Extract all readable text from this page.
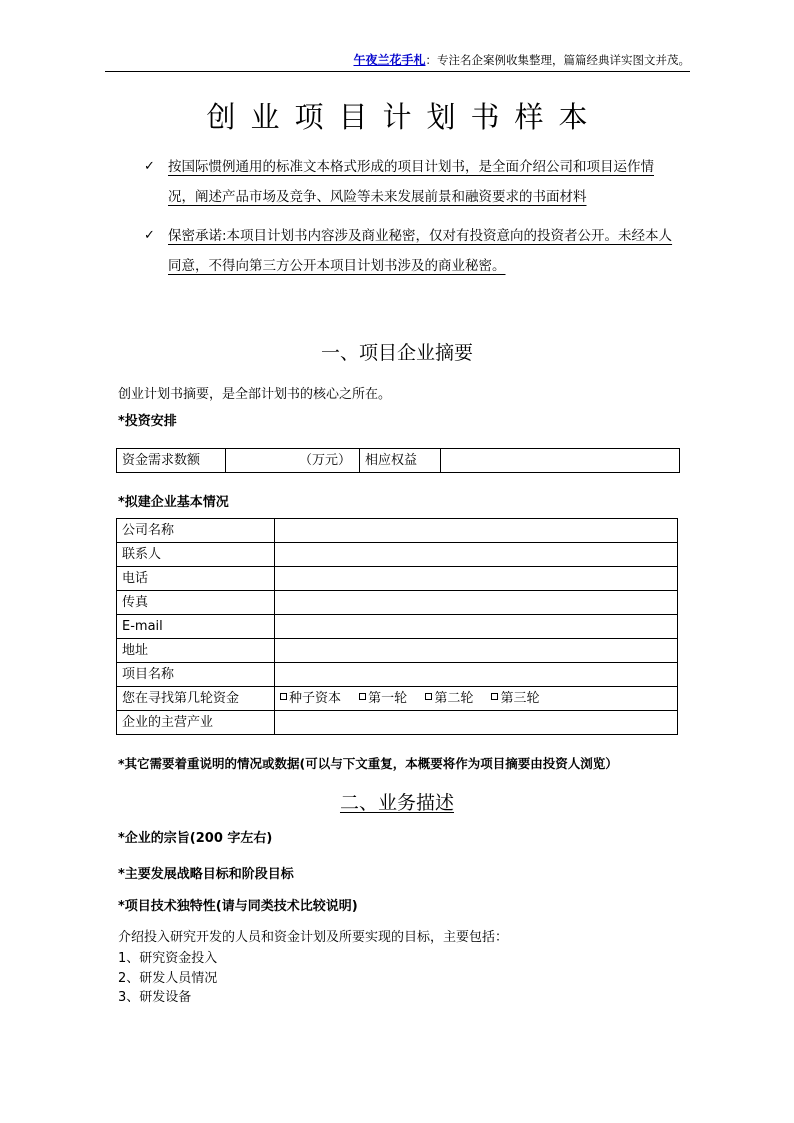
午夜兰花手札：专注名企案例收集整理，篇篇经典详实图文并茂。
创业项目计划书样本
✓ 按国际惯例通用的标准文本格式形成的项目计划书，是全面介绍公司和项目运作情况，阐述产品市场及竞争、风险等未来发展前景和融资要求的书面材料
✓ 保密承诺:本项目计划书内容涉及商业秘密，仅对有投资意向的投资者公开。未经本人同意，不得向第三方公开本项目计划书涉及的商业秘密。
一、项目企业摘要
创业计划书摘要，是全部计划书的核心之所在。
*投资安排
资金需求数额	（万元）	相应权益	
*拟建企业基本情况
公司名称	
联系人	
电话	
传真	
E-mail	
地址	
项目名称	
您在寻找第几轮资金	种子资本 第一轮 第二轮 第三轮
企业的主营产业	
*其它需要着重说明的情况或数据(可以与下文重复，本概要将作为项目摘要由投资人浏览）
二、业务描述
*企业的宗旨(200 字左右)
*主要发展战略目标和阶段目标
*项目技术独特性(请与同类技术比较说明)
介绍投入研究开发的人员和资金计划及所要实现的目标，主要包括：
1、研究资金投入
2、研发人员情况
3、研发设备
